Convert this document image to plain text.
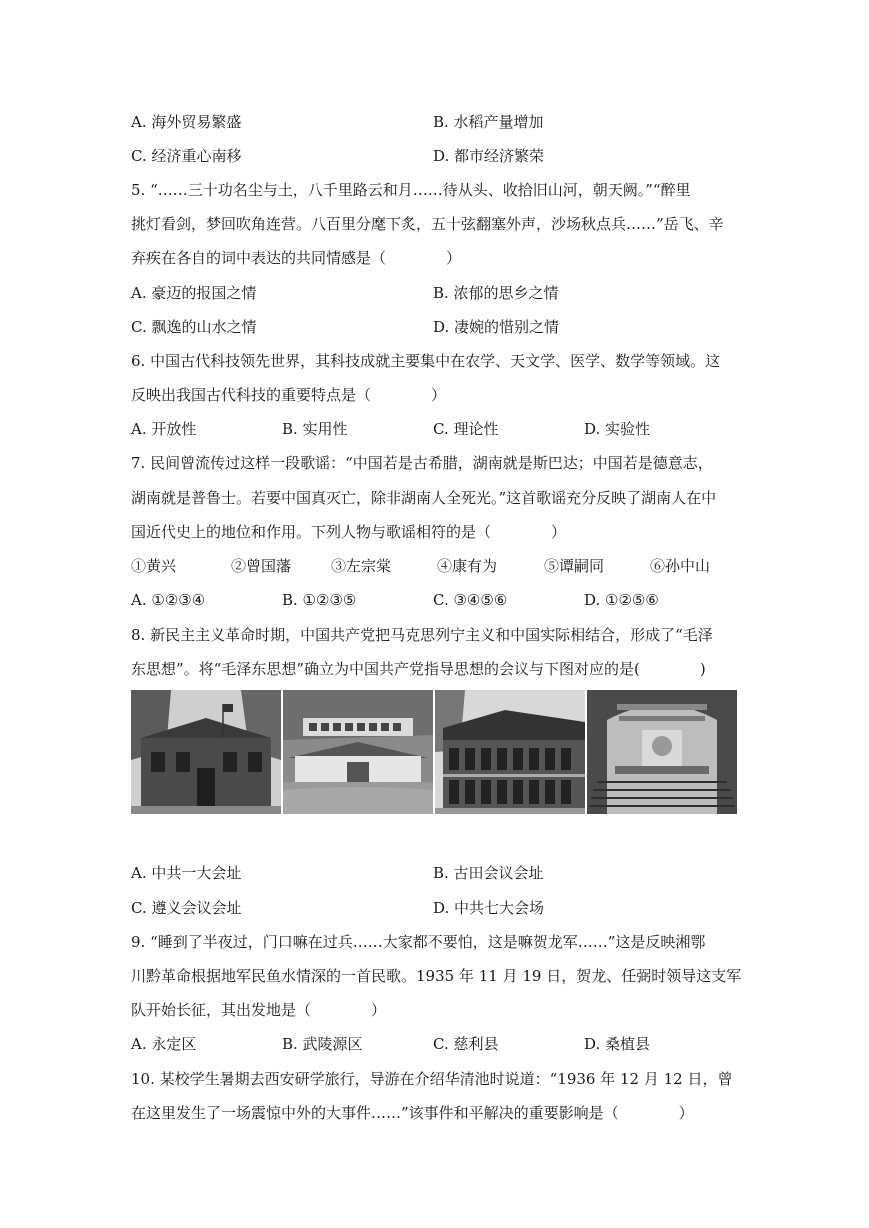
A. 海外贸易繁盛	B. 水稻产量增加
C. 经济重心南移	D. 都市经济繁荣
5. “……三十功名尘与土，八千里路云和月……待从头、收拾旧山河，朝天阙。”“醉里
挑灯看剑，梦回吹角连营。八百里分麾下炙，五十弦翻塞外声，沙场秋点兵……”岳飞、辛
弃疾在各自的词中表达的共同情感是（　　　　）
A. 豪迈的报国之情	B. 浓郁的思乡之情
C. 飘逸的山水之情	D. 凄婉的惜别之情
6. 中国古代科技领先世界，其科技成就主要集中在农学、天文学、医学、数学等领域。这
反映出我国古代科技的重要特点是（　　　　）
A. 开放性	B. 实用性	C. 理论性	D. 实验性
7. 民间曾流传过这样一段歌谣：“中国若是古希腊，湖南就是斯巴达；中国若是德意志，
湖南就是普鲁士。若要中国真灭亡，除非湖南人全死光。”这首歌谣充分反映了湖南人在中
国近代史上的地位和作用。下列人物与歌谣相符的是（　　　　）
①黄兴	②曾国藩	③左宗棠	④康有为	⑤谭嗣同	⑥孙中山
A. ①②③④	B. ①②③⑤	C. ③④⑤⑥	D. ①②⑤⑥
8. 新民主主义革命时期，中国共产党把马克思列宁主义和中国实际相结合，形成了“毛泽
东思想”。将“毛泽东思想”确立为中国共产党指导思想的会议与下图对应的是(　　　　)
A. 中共一大会址	B. 古田会议会址
C. 遵义会议会址	D. 中共七大会场
9. “睡到了半夜过，门口嘛在过兵……大家都不要怕，这是嘛贺龙军……”这是反映湘鄂
川黔革命根据地军民鱼水情深的一首民歌。1935 年 11 月 19 日，贺龙、任弼时领导这支军
队开始长征，其出发地是（　　　　）
A. 永定区	B. 武陵源区	C. 慈利县	D. 桑植县
10. 某校学生暑期去西安研学旅行，导游在介绍华清池时说道：“1936 年 12 月 12 日，曾
在这里发生了一场震惊中外的大事件……”该事件和平解决的重要影响是（　　　　）
